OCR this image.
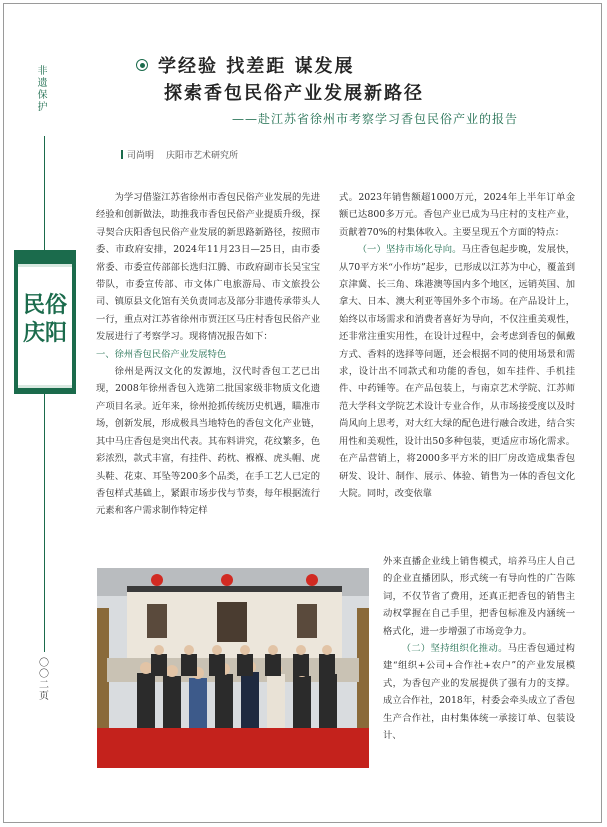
非遗保护
民俗庆阳
〇〇二页
学经验 找差距 谋发展
探索香包民俗产业发展新路径
——赴江苏省徐州市考察学习香包民俗产业的报告
司尚明 庆阳市艺术研究所

为学习借鉴江苏省徐州市香包民俗产业发展的先进经验和创新做法，助推我市香包民俗产业提质升级，探寻契合庆阳香包民俗产业发展的新思路新路径，按照市委、市政府安排，2024年11月23日—25日，由市委常委、市委宣传部部长选归江腾、市政府副市长吴宝宝带队，市委宣传部、市文体广电旅游局、市文旅投公司、镇原县文化馆有关负责同志及部分非遗传承带头人一行，重点对江苏省徐州市贾汪区马庄村香包民俗产业发展进行了考察学习。现将情况报告如下：

一、徐州香包民俗产业发展特色

徐州是两汉文化的发源地，汉代时香包工艺已出现，2008年徐州香包入选第二批国家级非物质文化遗产项目名录。近年来，徐州抢抓传统历史机遇，瞄准市场，创新发展，形成极具当地特色的香包文化产业链，其中马庄香包是突出代表。其布料讲究，花纹繁多，色彩浓烈，款式丰富，有挂件、药枕、褓褓、虎头帽、虎头鞋、花束、耳坠等200多个品类，在手工艺人已定的香包样式基础上，紧跟市场步伐与节奏，每年根据流行元素和客户需求制作特定样

式。2023年销售额超1000万元，2024年上半年订单金额已达800多万元。香包产业已成为马庄村的支柱产业，贡献着70%的村集体收入。主要呈现五个方面的特点：

（一）坚持市场化导向。马庄香包起步晚，发展快，从70平方米“小作坊”起步，已形成以江苏为中心，覆盖到京津冀、长三角、珠港澳等国内多个地区，远销英国、加拿大、日本、澳大利亚等国外多个市场。在产品设计上，始终以市场需求和消费者喜好为导向，不仅注重美观性，还非常注重实用性，在设计过程中，会考虑到香包的佩戴方式、香料的选择等问题，还会根据不同的使用场景和需求，设计出不同款式和功能的香包，如车挂件、手机挂件、中药锤等。在产品包装上，与南京艺术学院、江苏师范大学科文学院艺术设计专业合作，从市场接受度以及时尚风向上思考，对大红大绿的配色进行融合改进，结合实用性和美观性，设计出50多种包装，更适应市场化需求。在产品营销上，将2000多平方米的旧厂房改造成集香包研发、设计、制作、展示、体验、销售为一体的香包文化大院。同时，改变依靠

外来直播企业线上销售模式，培养马庄人自己的企业直播团队，形式统一有导向性的广告陈词，不仅节省了费用，还真正把香包的销售主动权掌握在自己手里，把香包标准及内涵统一格式化，进一步增强了市场竞争力。

（二）坚持组织化推动。马庄香包通过构建“组织+公司+合作社+农户”的产业发展模式，为香包产业的发展提供了强有力的支撑。成立合作社，2018年，村委会牵头成立了香包生产合作社，由村集体统一承接订单、包装设计、
